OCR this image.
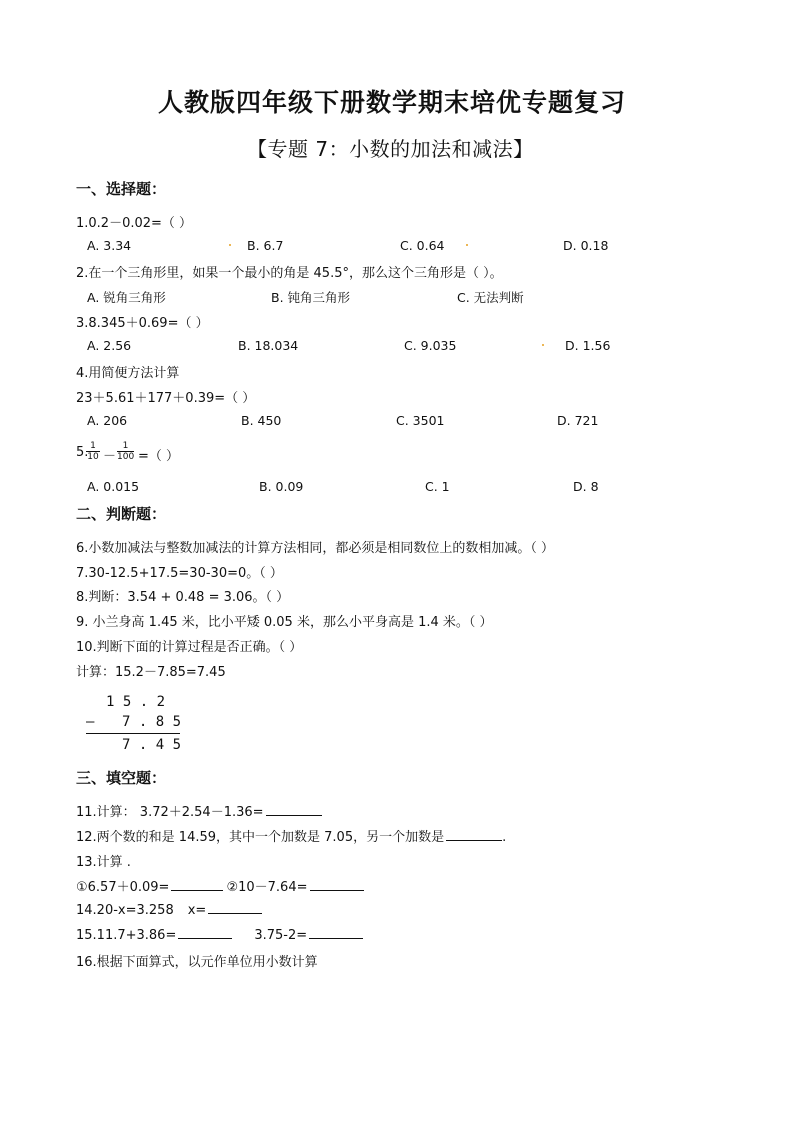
人教版四年级下册数学期末培优专题复习
【专题 7：小数的加法和减法】
一、选择题：
1.0.2－0.02=（ ）
A. 3.34	B. 6.7	C. 0.64	D. 0.18
2.在一个三角形里，如果一个最小的角是 45.5°，那么这个三角形是（ ）。
A. 锐角三角形	B. 钝角三角形	C. 无法判断
3.8.345＋0.69=（ ）
A. 2.56	B. 18.034	C. 9.035	D. 1.56
4.用简便方法计算
23＋5.61＋177＋0.39=（ ）
A. 206	B. 450	C. 3501	D. 721
5.
$\frac{1}{10} - \frac{1}{100}$ =（ ）
A. 0.015	B. 0.09	C. 1	D. 8
二、判断题：
6.小数加减法与整数加减法的计算方法相同，都必须是相同数位上的数相加减。（ ）
7.30-12.5+17.5=30-30=0。（ ）
8.判断：3.54 + 0.48 = 3.06。（ ）
9. 小兰身高 1.45 米，比小平矮 0.05 米，那么小平身高是 1.4 米。（ ）
10.判断下面的计算过程是否正确。（ ）
计算：15.2－7.85=7.45
1 5 . 2
— 7 . 8 5
7 . 4 5
三、填空题：
11.计算： 3.72＋2.54－1.36=
12.两个数的和是 14.59，其中一个加数是 7.05，另一个加数是	.
13.计算 .
①6.57＋0.09=	②10－7.64=
14.20-x=3.258 x=
15.11.7+3.86=	3.75-2=
16.根据下面算式，以元作单位用小数计算
